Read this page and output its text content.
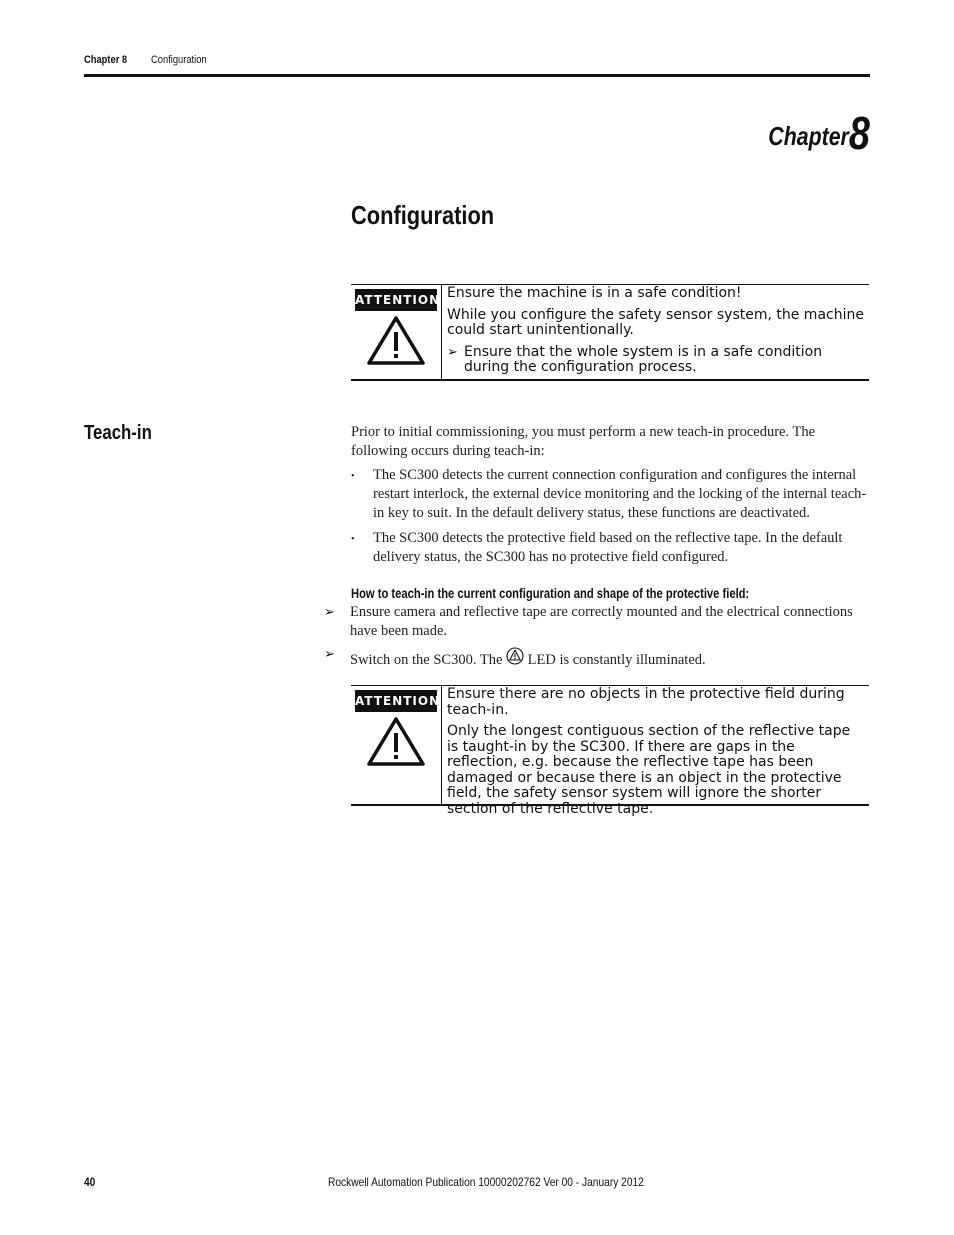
Chapter 8 Configuration
Chapter8
Configuration
ATTENTION Ensure the machine is in a safe condition!

While you configure the safety sensor system, the machine could start unintentionally.

➢ Ensure that the whole system is in a safe condition during the configuration process.
Teach-in	Prior to initial commissioning, you must perform a new teach-in procedure. The following occurs during teach-in:
• The SC300 detects the current connection configuration and configures the internal restart interlock, the external device monitoring and the locking of the internal teach-in key to suit. In the default delivery status, these functions are deactivated.
• The SC300 detects the protective field based on the reflective tape. In the default delivery status, the SC300 has no protective field configured.
How to teach-in the current configuration and shape of the protective field:
➢ Ensure camera and reflective tape are correctly mounted and the electrical connections have been made.
➢ Switch on the SC300. The LED is constantly illuminated.
ATTENTION Ensure there are no objects in the protective field during teach-in.

Only the longest contiguous section of the reflective tape is taught-in by the SC300. If there are gaps in the reflection, e.g. because the reflective tape has been damaged or because there is an object in the protective field, the safety sensor system will ignore the shorter section of the reflective tape.

40	Rockwell Automation Publication 10000202762 Ver 00 - January 2012
